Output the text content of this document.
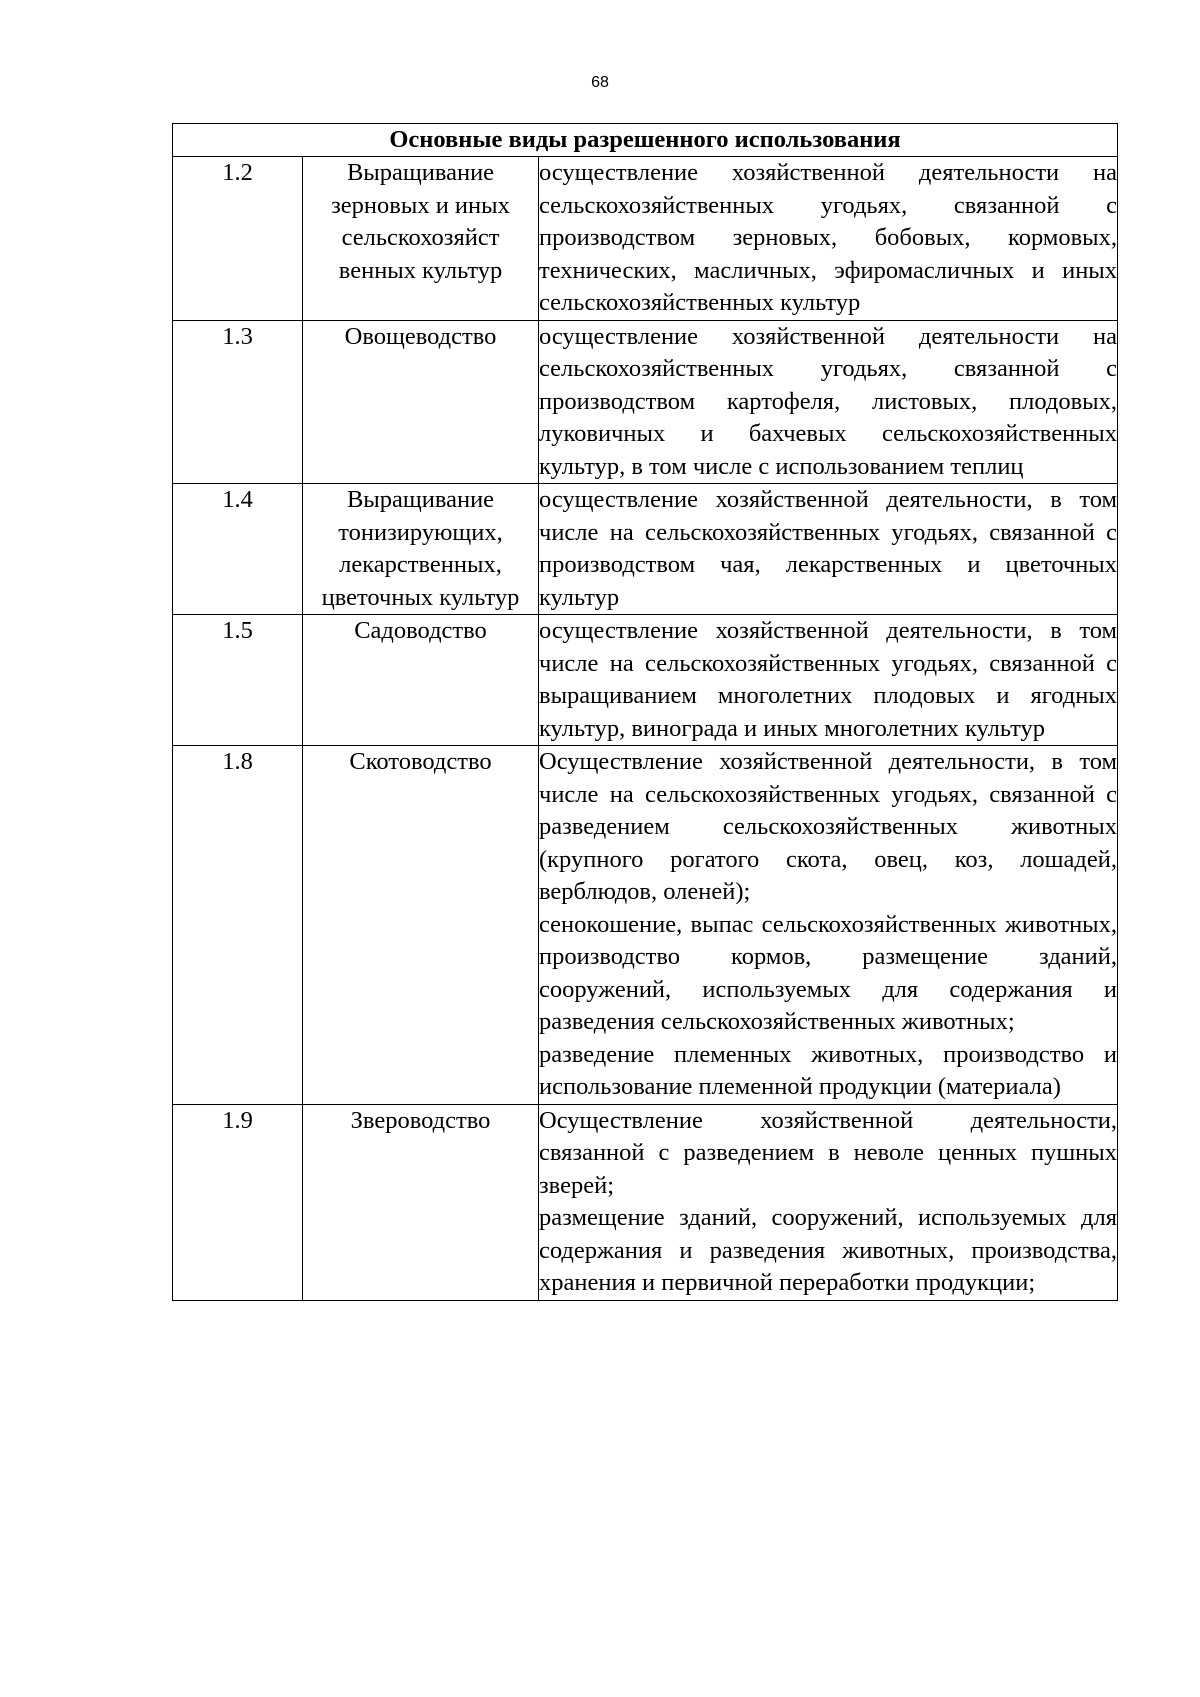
68
Основные виды разрешенного использования		
1.2	Выращивание зерновых и иных сельскохозяйст венных культур	осуществление хозяйственной деятельности на сельскохозяйственных угодьях, связанной с производством зерновых, бобовых, кормовых, технических, масличных, эфиромасличных и иных сельскохозяйственных культур

1.3	Овощеводство	осуществление хозяйственной деятельности на сельскохозяйственных угодьях, связанной с производством картофеля, листовых, плодовых, луковичных и бахчевых сельскохозяйственных культур, в том числе с использованием теплиц

1.4	Выращивание тонизирующих, лекарственных, цветочных культур	осуществление хозяйственной деятельности, в том числе на сельскохозяйственных угодьях, связанной с производством чая, лекарственных и цветочных культур

1.5	Садоводство	осуществление хозяйственной деятельности, в том числе на сельскохозяйственных угодьях, связанной с выращиванием многолетних плодовых и ягодных культур, винограда и иных многолетних культур

1.8	Скотоводство	Осуществление хозяйственной деятельности, в том числе на сельскохозяйственных угодьях, связанной с разведением сельскохозяйственных животных (крупного рогатого скота, овец, коз, лошадей, верблюдов, оленей);
сенокошение, выпас сельскохозяйственных животных, производство кормов, размещение зданий, сооружений, используемых для содержания и разведения сельскохозяйственных животных;
разведение племенных животных, производство и использование племенной продукции (материала)

1.9	Звероводство	Осуществление хозяйственной деятельности, связанной с разведением в неволе ценных пушных зверей;
размещение зданий, сооружений, используемых для содержания и разведения животных, производства, хранения и первичной переработки продукции;
